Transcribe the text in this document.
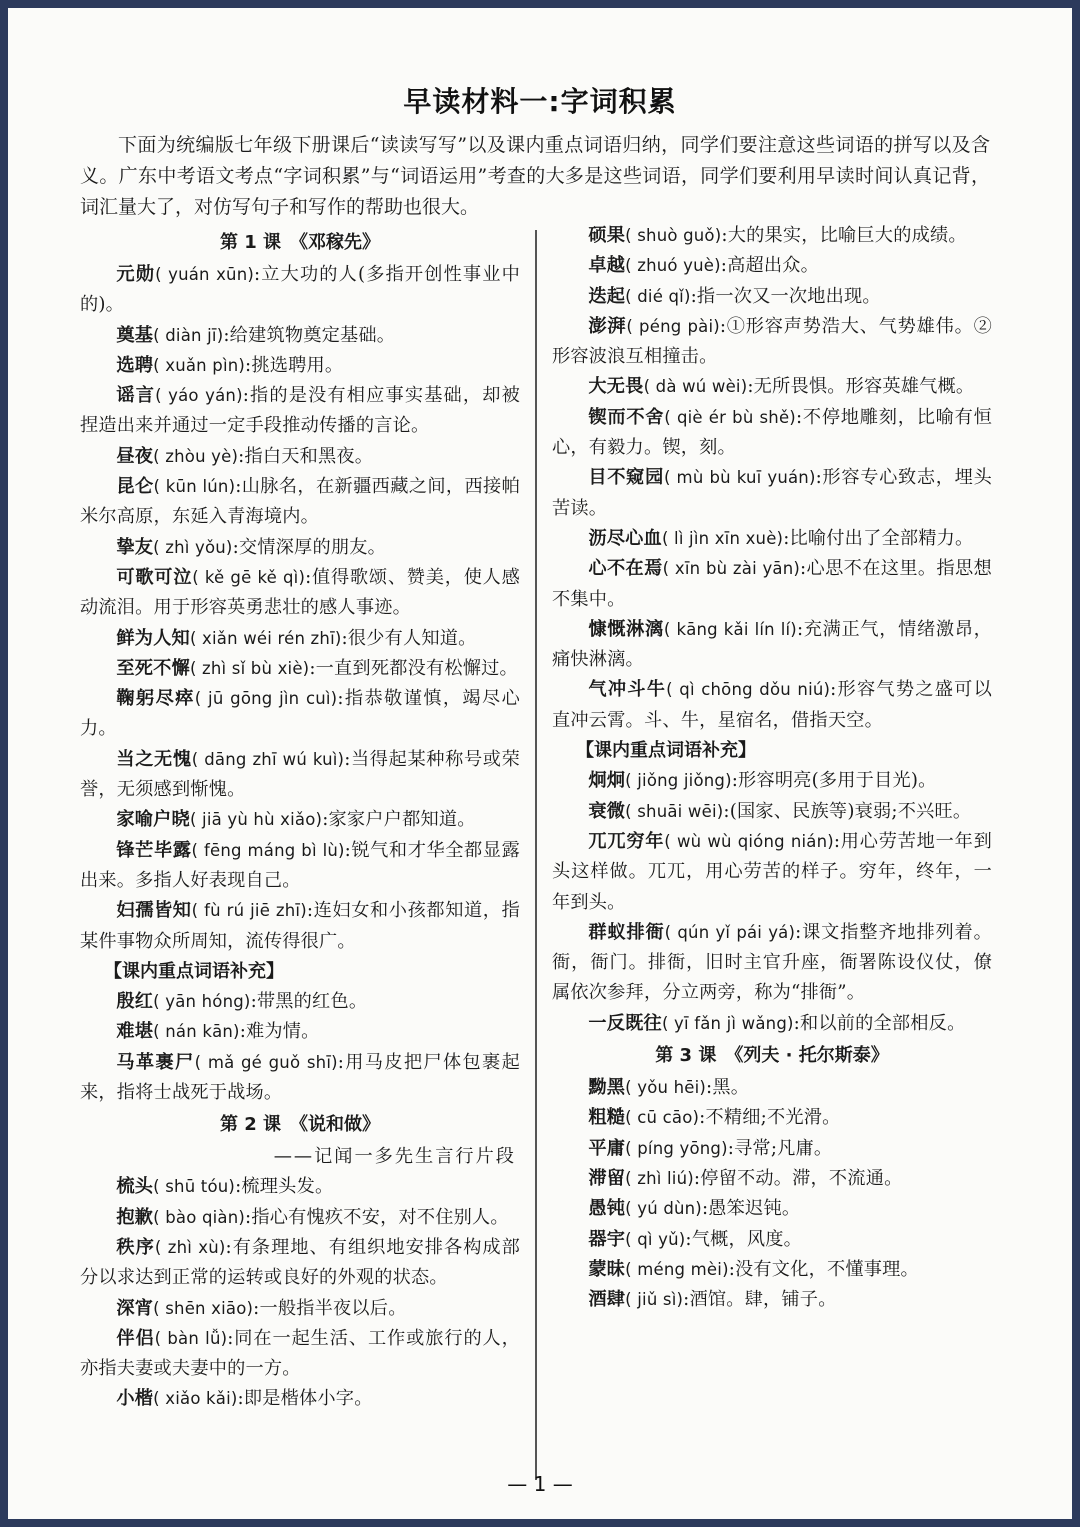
早读材料一:字词积累
下面为统编版七年级下册课后“读读写写”以及课内重点词语归纳，同学们要注意这些词语的拼写以及含义。广东中考语文考点“字词积累”与“词语运用”考查的大多是这些词语，同学们要利用早读时间认真记背，词汇量大了，对仿写句子和写作的帮助也很大。
第 1 课　《邓稼先》
元勋( yuán xūn):立大功的人(多指开创性事业中的)。
奠基( diàn jī):给建筑物奠定基础。
选聘( xuǎn pìn):挑选聘用。
谣言( yáo yán):指的是没有相应事实基础，却被捏造出来并通过一定手段推动传播的言论。
昼夜( zhòu yè):指白天和黑夜。
昆仑( kūn lún):山脉名，在新疆西藏之间，西接帕米尔高原，东延入青海境内。
挚友( zhì yǒu):交情深厚的朋友。
可歌可泣( kě gē kě qì):值得歌颂、赞美，使人感动流泪。用于形容英勇悲壮的感人事迹。
鲜为人知( xiǎn wéi rén zhī):很少有人知道。
至死不懈( zhì sǐ bù xiè):一直到死都没有松懈过。
鞠躬尽瘁( jū gōng jìn cuì):指恭敬谨慎，竭尽心力。
当之无愧( dāng zhī wú kuì):当得起某种称号或荣誉，无须感到惭愧。
家喻户晓( jiā yù hù xiǎo):家家户户都知道。
锋芒毕露( fēng máng bì lù):锐气和才华全都显露出来。多指人好表现自己。
妇孺皆知( fù rú jiē zhī):连妇女和小孩都知道，指某件事物众所周知，流传得很广。
【课内重点词语补充】
殷红( yān hóng):带黑的红色。
难堪( nán kān):难为情。
马革裹尸( mǎ gé guǒ shī):用马皮把尸体包裹起来，指将士战死于战场。
第 2 课　《说和做》
——记闻一多先生言行片段
梳头( shū tóu):梳理头发。
抱歉( bào qiàn):指心有愧疚不安，对不住别人。
秩序( zhì xù):有条理地、有组织地安排各构成部分以求达到正常的运转或良好的外观的状态。
深宵( shēn xiāo):一般指半夜以后。
伴侣( bàn lǚ):同在一起生活、工作或旅行的人，亦指夫妻或夫妻中的一方。
小楷( xiǎo kǎi):即是楷体小字。
硕果( shuò guǒ):大的果实，比喻巨大的成绩。
卓越( zhuó yuè):高超出众。
迭起( dié qǐ):指一次又一次地出现。
澎湃( péng pài):①形容声势浩大、气势雄伟。②形容波浪互相撞击。
大无畏( dà wú wèi):无所畏惧。形容英雄气概。
锲而不舍( qiè ér bù shě):不停地雕刻，比喻有恒心，有毅力。锲，刻。
目不窥园( mù bù kuī yuán):形容专心致志，埋头苦读。
沥尽心血( lì jìn xīn xuè):比喻付出了全部精力。
心不在焉( xīn bù zài yān):心思不在这里。指思想不集中。
慷慨淋漓( kāng kǎi lín lí):充满正气，情绪激昂，痛快淋漓。
气冲斗牛( qì chōng dǒu niú):形容气势之盛可以直冲云霄。斗、牛，星宿名，借指天空。
【课内重点词语补充】
炯炯( jiǒng jiǒng):形容明亮(多用于目光)。
衰微( shuāi wēi):(国家、民族等)衰弱;不兴旺。
兀兀穷年( wù wù qióng nián):用心劳苦地一年到头这样做。兀兀，用心劳苦的样子。穷年，终年，一年到头。
群蚁排衙( qún yǐ pái yá):课文指整齐地排列着。衙，衙门。排衙，旧时主官升座，衙署陈设仪仗，僚属依次参拜，分立两旁，称为“排衙”。
一反既往( yī fǎn jì wǎng):和以前的全部相反。
第 3 课　《列夫 · 托尔斯泰》
黝黑( yǒu hēi):黑。
粗糙( cū cāo):不精细;不光滑。
平庸( píng yōng):寻常;凡庸。
滞留( zhì liú):停留不动。滞，不流通。
愚钝( yú dùn):愚笨迟钝。
器宇( qì yǔ):气概，风度。
蒙昧( méng mèi):没有文化，不懂事理。
酒肆( jiǔ sì):酒馆。肆，铺子。
— 1 —
